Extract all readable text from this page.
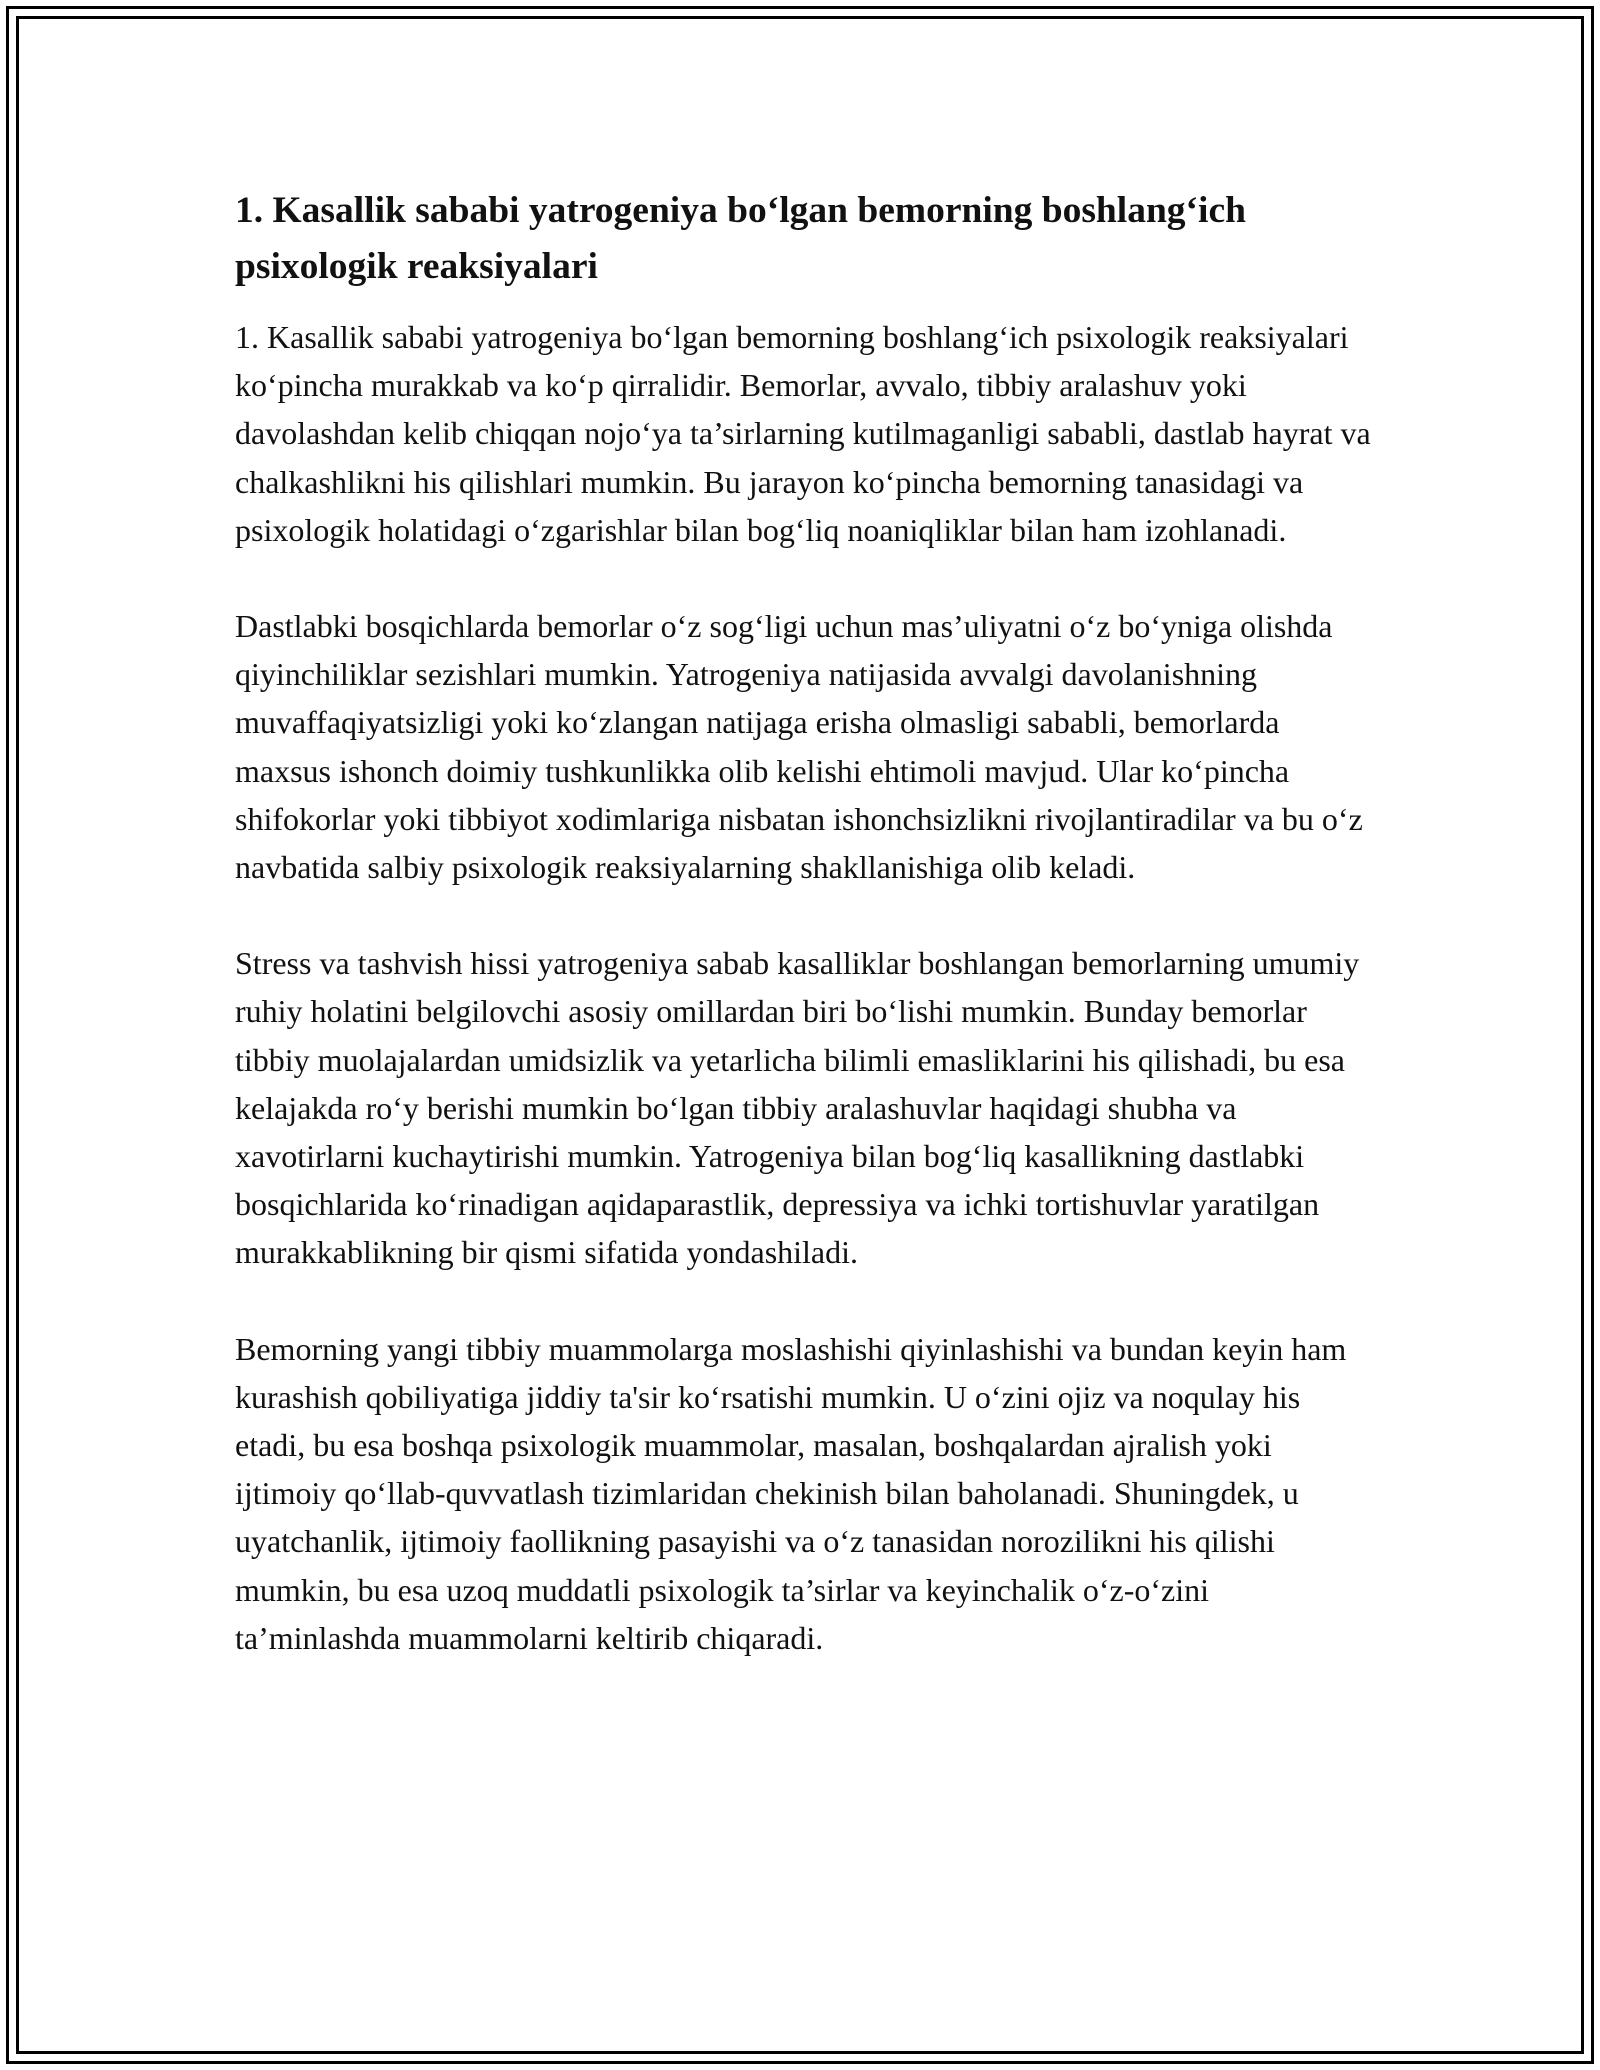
1. Kasallik sababi yatrogeniya bo‘lgan bemorning boshlang‘ich psixologik reaksiyalari

1. Kasallik sababi yatrogeniya bo‘lgan bemorning boshlang‘ich psixologik reaksiyalari ko‘pincha murakkab va ko‘p qirralidir. Bemorlar, avvalo, tibbiy aralashuv yoki davolashdan kelib chiqqan nojo‘ya ta’sirlarning kutilmaganligi sababli, dastlab hayrat va chalkashlikni his qilishlari mumkin. Bu jarayon ko‘pincha bemorning tanasidagi va psixologik holatidagi o‘zgarishlar bilan bog‘liq noaniqliklar bilan ham izohlanadi.

Dastlabki bosqichlarda bemorlar o‘z sog‘ligi uchun mas’uliyatni o‘z bo‘yniga olishda qiyinchiliklar sezishlari mumkin. Yatrogeniya natijasida avvalgi davolanishning muvaffaqiyatsizligi yoki ko‘zlangan natijaga erisha olmasligi sababli, bemorlarda maxsus ishonch doimiy tushkunlikka olib kelishi ehtimoli mavjud. Ular ko‘pincha shifokorlar yoki tibbiyot xodimlariga nisbatan ishonchsizlikni rivojlantiradilar va bu o‘z navbatida salbiy psixologik reaksiyalarning shakllanishiga olib keladi.

Stress va tashvish hissi yatrogeniya sabab kasalliklar boshlangan bemorlarning umumiy ruhiy holatini belgilovchi asosiy omillardan biri bo‘lishi mumkin. Bunday bemorlar tibbiy muolajalardan umidsizlik va yetarlicha bilimli emasliklarini his qilishadi, bu esa kelajakda ro‘y berishi mumkin bo‘lgan tibbiy aralashuvlar haqidagi shubha va xavotirlarni kuchaytirishi mumkin. Yatrogeniya bilan bog‘liq kasallikning dastlabki bosqichlarida ko‘rinadigan aqidaparastlik, depressiya va ichki tortishuvlar yaratilgan murakkablikning bir qismi sifatida yondashiladi.

Bemorning yangi tibbiy muammolarga moslashishi qiyinlashishi va bundan keyin ham kurashish qobiliyatiga jiddiy ta'sir ko‘rsatishi mumkin. U o‘zini ojiz va noqulay his etadi, bu esa boshqa psixologik muammolar, masalan, boshqalardan ajralish yoki ijtimoiy qo‘llab-quvvatlash tizimlaridan chekinish bilan baholanadi. Shuningdek, u uyatchanlik, ijtimoiy faollikning pasayishi va o‘z tanasidan norozilikni his qilishi mumkin, bu esa uzoq muddatli psixologik ta’sirlar va keyinchalik o‘z-o‘zini ta’minlashda muammolarni keltirib chiqaradi.
